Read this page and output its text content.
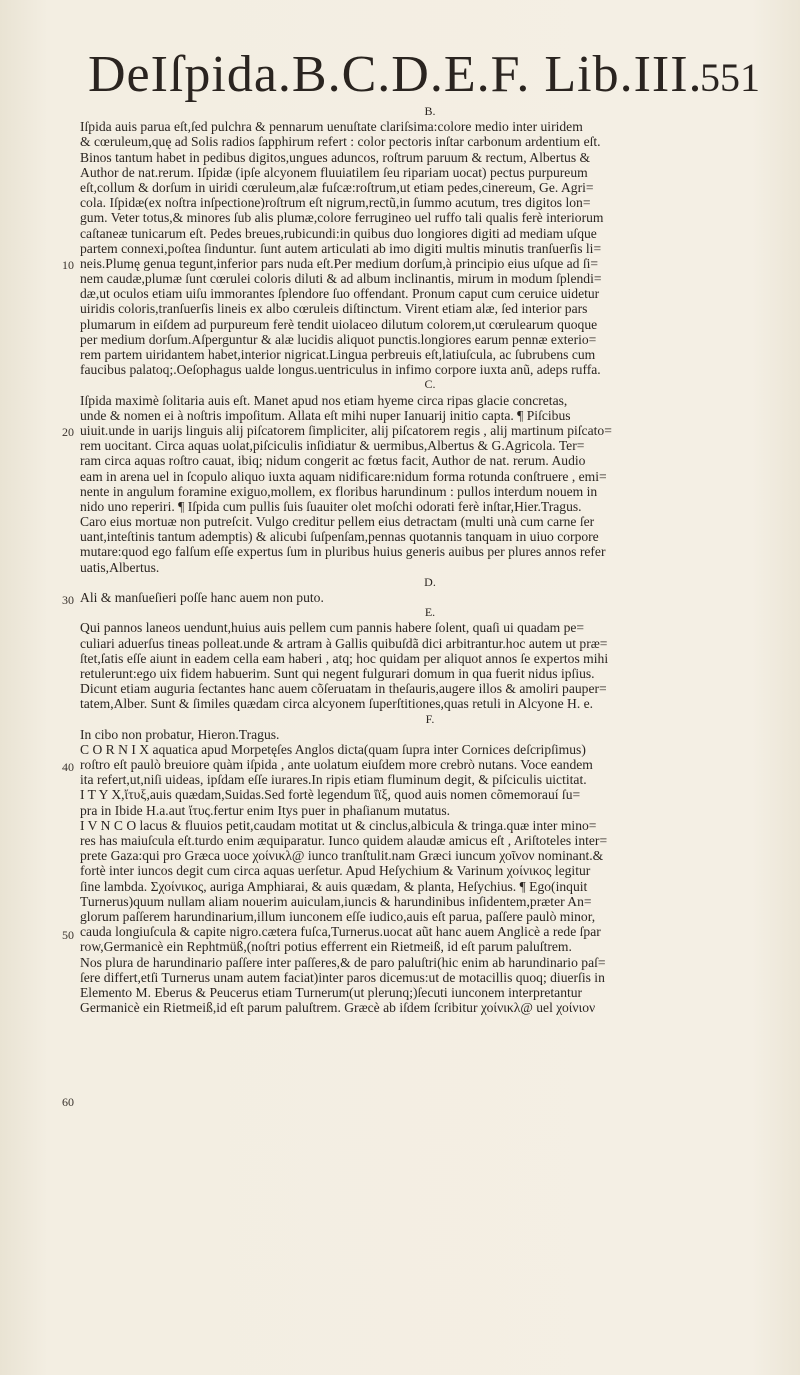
DeIſpida.B.C.D.E.F. Lib.III.
551
10
20
30
40
50
60
B.
Iſpida auis parua eſt,ſed pulchra & pennarum uenuſtate clariſsima:colore medio inter uiridem
& cœruleum,quę ad Solis radios ſapphirum refert : color pectoris inſtar carbonum ardentium eſt.
Binos tantum habet in pedibus digitos,ungues aduncos, roſtrum paruum & rectum, Albertus &
Author de nat.rerum. Iſpidæ (ipſe alcyonem fluuiatilem ſeu ripariam uocat) pectus purpureum
eſt,collum & dorſum in uiridi cœruleum,alæ fuſcæ:roſtrum,ut etiam pedes,cinereum, Ge. Agri=
cola. Iſpidæ(ex noſtra inſpectione)roſtrum eſt nigrum,rectũ,in ſummo acutum, tres digitos lon=
gum. Veter totus,& minores ſub alis plumæ,colore ferrugineo uel ruffo tali qualis ferè interiorum
caſtaneæ tunicarum eſt. Pedes breues,rubicundi:in quibus duo longiores digiti ad mediam uſque
partem connexi,poſtea ſinduntur. ſunt autem articulati ab imo digiti multis minutis tranſuerſis li=
neis.Plumę genua tegunt,inferior pars nuda eſt.Per medium dorſum,à principio eius uſque ad ſi=
nem caudæ,plumæ ſunt cœrulei coloris diluti & ad album inclinantis, mirum in modum ſplendi=
dæ,ut oculos etiam uiſu immorantes ſplendore ſuo offendant. Pronum caput cum ceruice uidetur
uiridis coloris,tranſuerſis lineis ex albo cœruleis diſtinctum. Virent etiam alæ, ſed interior pars
plumarum in eiſdem ad purpureum ferè tendit uiolaceo dilutum colorem,ut cœrulearum quoque
per medium dorſum.Aſperguntur & alæ lucidis aliquot punctis.longiores earum pennæ exterio=
rem partem uiridantem habet,interior nigricat.Lingua perbreuis eſt,latiuſcula, ac ſubrubens cum
faucibus palatoq;.Oeſophagus ualde longus.uentriculus in infimo corpore iuxta anũ, adeps ruffa.
C.
Iſpida maximè ſolitaria auis eſt. Manet apud nos etiam hyeme circa ripas glacie concretas,
unde & nomen ei à noſtris impoſitum. Allata eſt mihi nuper Ianuarij initio capta. ¶ Piſcibus
uiuit.unde in uarijs linguis alij piſcatorem ſimpliciter, alij piſcatorem regis , alij martinum piſcato=
rem uocitant. Circa aquas uolat,piſciculis inſidiatur & uermibus,Albertus & G.Agricola. Ter=
ram circa aquas roſtro cauat, ibiq; nidum congerit ac fœtus facit, Author de nat. rerum. Audio
eam in arena uel in ſcopulo aliquo iuxta aquam nidificare:nidum forma rotunda conſtruere , emi=
nente in angulum foramine exiguo,mollem, ex floribus harundinum : pullos interdum nouem in
nido uno reperiri. ¶ Iſpida cum pullis ſuis ſuauiter olet moſchi odorati ferè inſtar,Hier.Tragus.
Caro eius mortuæ non putreſcit. Vulgo creditur pellem eius detractam (multi unà cum carne ſer
uant,inteſtinis tantum ademptis) & alicubi ſuſpenſam,pennas quotannis tanquam in uiuo corpore
mutare:quod ego falſum eſſe expertus ſum in pluribus huius generis auibus per plures annos refer
uatis,Albertus.
D.
Ali & manſueſieri poſſe hanc auem non puto.
E.
Qui pannos laneos uendunt,huius auis pellem cum pannis habere ſolent, quaſi ui quadam pe=
culiari aduerſus tineas polleat.unde & artram à Gallis quibuſdã dici arbitrantur.hoc autem ut præ=
ſtet,ſatis eſſe aiunt in eadem cella eam haberi , atq; hoc quidam per aliquot annos ſe expertos mihi
retulerunt:ego uix fidem habuerim. Sunt qui negent fulgurari domum in qua fuerit nidus ipſius.
Dicunt etiam auguria ſectantes hanc auem cõſeruatam in theſauris,augere illos & amoliri pauper=
tatem,Alber. Sunt & ſimiles quædam circa alcyonem ſuperſtitiones,quas retuli in Alcyone H. e.
F.
In cibo non probatur, Hieron.Tragus.
C O R N I X aquatica apud Morpetęſes Anglos dicta(quam ſupra inter Cornices deſcripſimus)
roſtro eſt paulò breuiore quàm iſpida , ante uolatum eiuſdem more crebrò nutans. Voce eandem
ita refert,ut,niſi uideas, ipſdam eſſe iurares.In ripis etiam fluminum degit, & piſciculis uictitat.
I T Y X,ἴτυξ,auis quædam,Suidas.Sed fortè legendum ἴϊξ, quod auis nomen cõmemorauí ſu=
pra in Ibide H.a.aut ἴτυς.fertur enim Itys puer in phaſianum mutatus.
I V N C O lacus & fluuios petit,caudam motitat ut & cinclus,albicula & tringa.quæ inter mino=
res has maiuſcula eſt.turdo enim æquiparatur. Iunco quidem alaudæ amicus eſt , Ariſtoteles inter=
prete Gaza:qui pro Græca uoce χοίνικλ@ iunco tranſtulit.nam Græci iuncum χοῖνον nominant.&
fortè inter iuncos degit cum circa aquas uerſetur. Apud Heſychium & Varinum χοίνικος legitur
ſine lambda. Σχοίνικος, auriga Amphiarai, & auis quædam, & planta, Heſychius. ¶ Ego(inquit
Turnerus)quum nullam aliam nouerim auiculam,iuncis & harundinibus inſidentem,præter An=
glorum paſſerem harundinarium,illum iunconem eſſe iudico,auis eſt parua, paſſere paulò minor,
cauda longiuſcula & capite nigro.cætera fuſca,Turnerus.uocat aũt hanc auem Anglicè a rede ſpar
row,Germanicè ein Rephtmüß,(noſtri potius efferrent ein Rietmeiß, id eſt parum paluſtrem.
Nos plura de harundinario paſſere inter paſſeres,& de paro paluſtri(hic enim ab harundinario paſ=
ſere differt,etſi Turnerus unam autem faciat)inter paros dicemus:ut de motacillis quoq; diuerſis in
Elemento M. Eberus & Peucerus etiam Turnerum(ut plerunq;)ſecuti iunconem interpretantur
Germanicè ein Rietmeiß,id eſt parum paluſtrem. Græcè ab iſdem ſcribitur χοίνικλ@ uel χοίνιον
